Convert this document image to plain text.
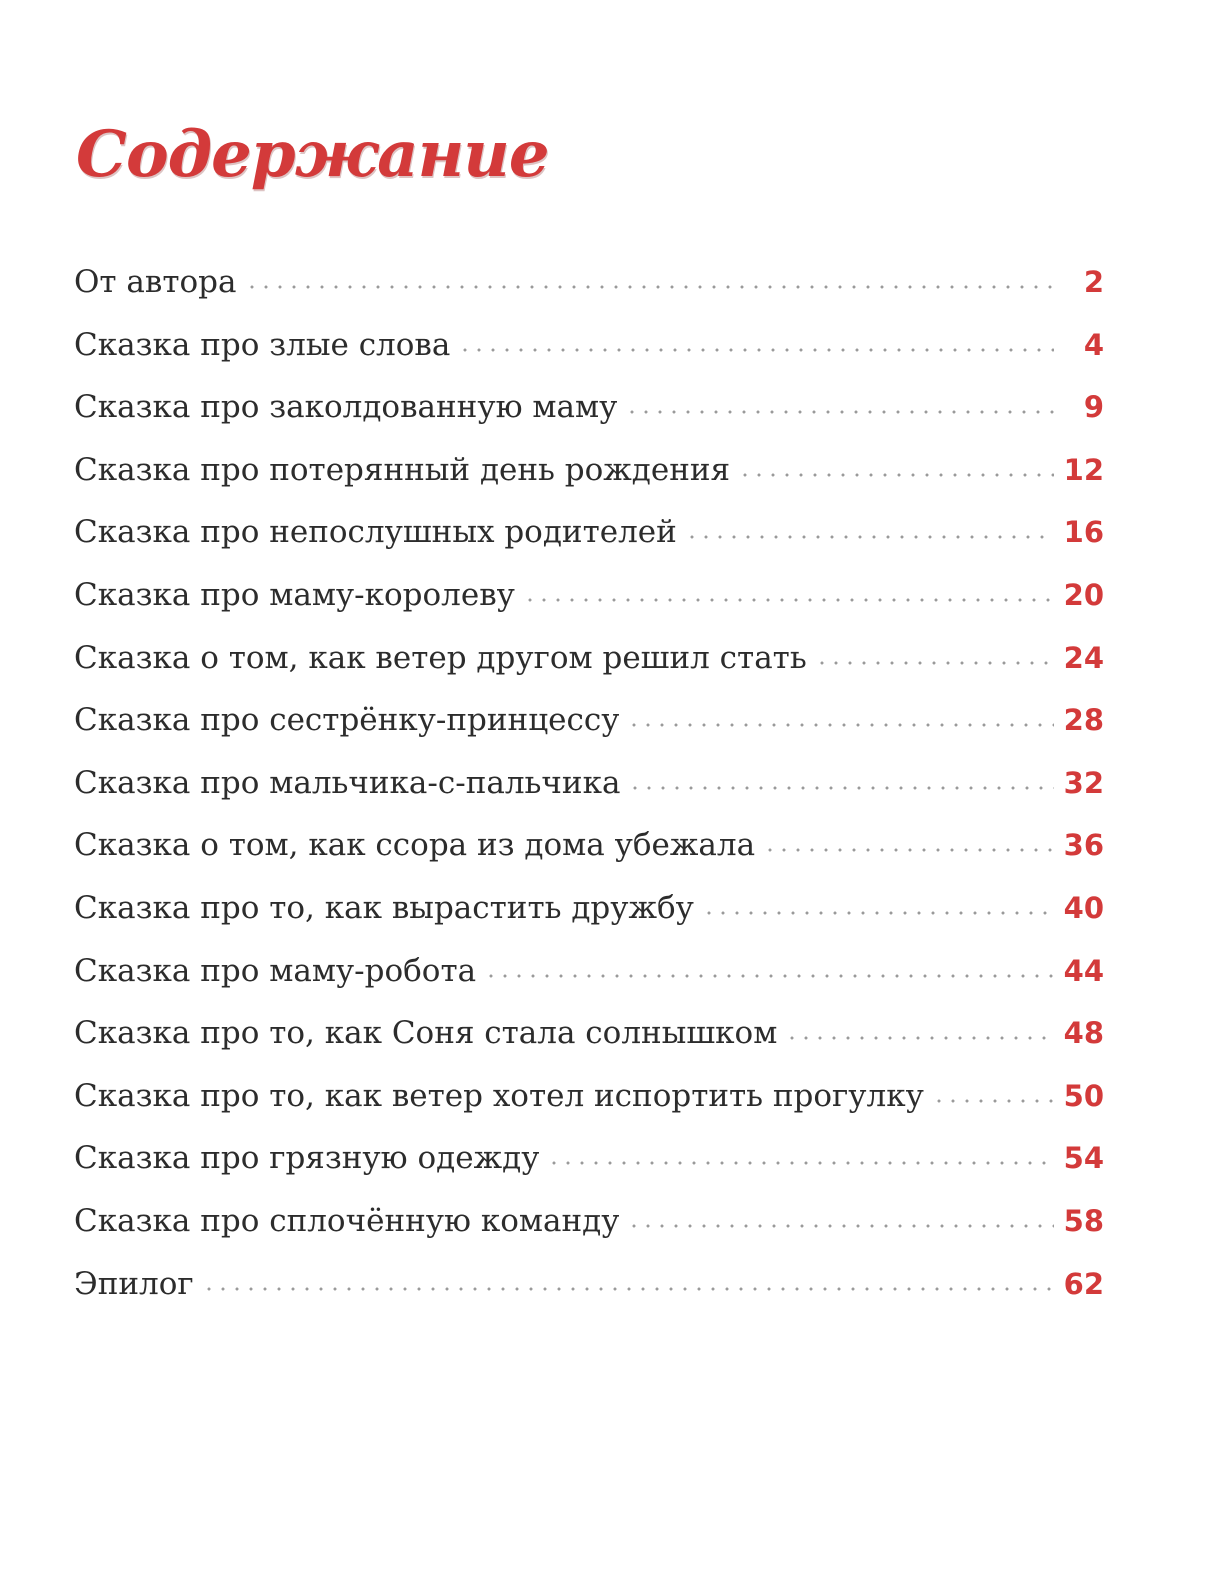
Содержание
От автора	2
Сказка про злые слова	4
Сказка про заколдованную маму	9
Сказка про потерянный день рождения	12
Сказка про непослушных родителей	16
Сказка про маму-королеву	20
Сказка о том, как ветер другом решил стать	24
Сказка про сестрёнку-принцессу	28
Сказка про мальчика-с-пальчика	32
Сказка о том, как ссора из дома убежала	36
Сказка про то, как вырастить дружбу	40
Сказка про маму-робота	44
Сказка про то, как Соня стала солнышком	48
Сказка про то, как ветер хотел испортить прогулку	50
Сказка про грязную одежду	54
Сказка про сплочённую команду	58
Эпилог	62
